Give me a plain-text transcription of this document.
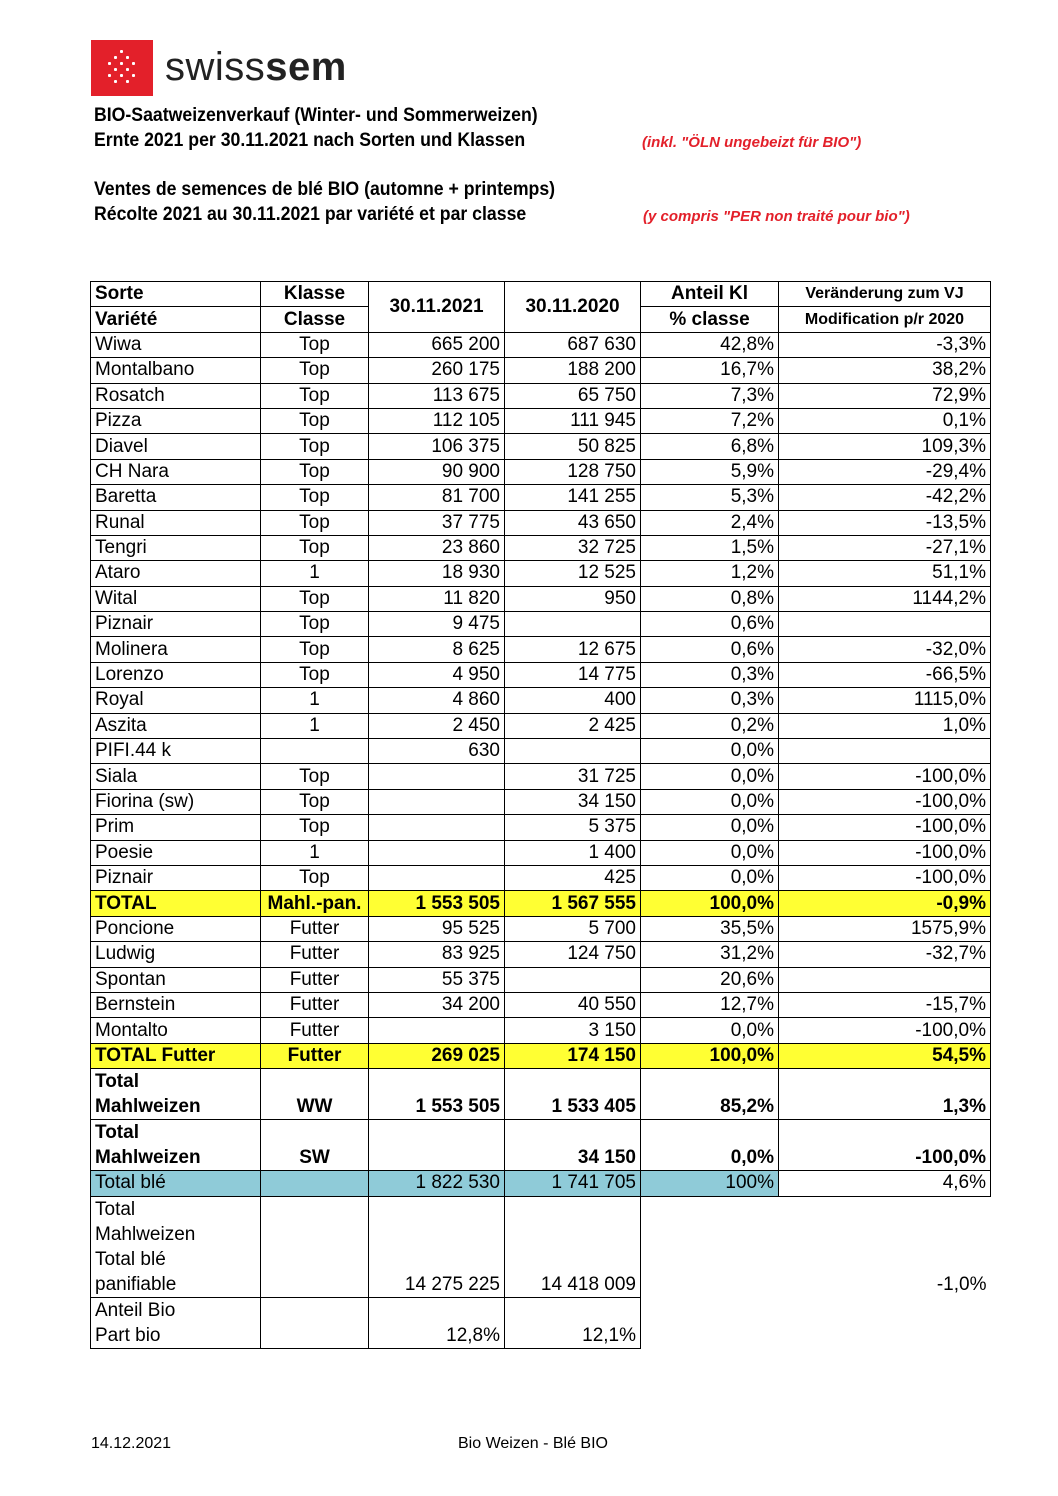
swisssem
BIO-Saatweizenverkauf (Winter- und Sommerweizen)
Ernte 2021 per 30.11.2021 nach Sorten und Klassen	(inkl. "ÖLN ungebeizt für BIO")
Ventes de semences de blé BIO (automne + printemps)
Récolte 2021 au 30.11.2021 par variété et par classe	(y compris "PER non traité pour bio")
Sorte	Klasse	30.11.2021	30.11.2020	Anteil Kl	Veränderung zum VJ
Variété	Classe			% classe	Modification p/r 2020
Wiwa	Top	665 200	687 630	42,8%	-3,3%
Montalbano	Top	260 175	188 200	16,7%	38,2%
Rosatch	Top	113 675	65 750	7,3%	72,9%
Pizza	Top	112 105	111 945	7,2%	0,1%
Diavel	Top	106 375	50 825	6,8%	109,3%
CH Nara	Top	90 900	128 750	5,9%	-29,4%
Baretta	Top	81 700	141 255	5,3%	-42,2%
Runal	Top	37 775	43 650	2,4%	-13,5%
Tengri	Top	23 860	32 725	1,5%	-27,1%
Ataro	1	18 930	12 525	1,2%	51,1%
Wital	Top	11 820	950	0,8%	1144,2%
Piznair	Top	9 475		0,6%	
Molinera	Top	8 625	12 675	0,6%	-32,0%
Lorenzo	Top	4 950	14 775	0,3%	-66,5%
Royal	1	4 860	400	0,3%	1115,0%
Aszita	1	2 450	2 425	0,2%	1,0%
PIFI.44 k		630		0,0%	
Siala	Top		31 725	0,0%	-100,0%
Fiorina (sw)	Top		34 150	0,0%	-100,0%
Prim	Top		5 375	0,0%	-100,0%
Poesie	1		1 400	0,0%	-100,0%
Piznair	Top		425	0,0%	-100,0%
TOTAL	Mahl.-pan.	1 553 505	1 567 555	100,0%	-0,9%
Poncione	Futter	95 525	5 700	35,5%	1575,9%
Ludwig	Futter	83 925	124 750	31,2%	-32,7%
Spontan	Futter	55 375		20,6%	
Bernstein	Futter	34 200	40 550	12,7%	-15,7%
Montalto	Futter		3 150	0,0%	-100,0%
TOTAL Futter	Futter	269 025	174 150	100,0%	54,5%

Total
Mahlweizen	WW	1 553 505	1 533 405	85,2%	1,3%

Total
Mahlweizen	SW		34 150	0,0%	-100,0%
Total blé		1 822 530	1 741 705	100%	4,6%

Total
Mahlweizen
Total blé
panifiable		14 275 225	14 418 009		-1,0%

Anteil Bio
Part bio		12,8%	12,1%		
14.12.2021	Bio Weizen - Blé BIO
